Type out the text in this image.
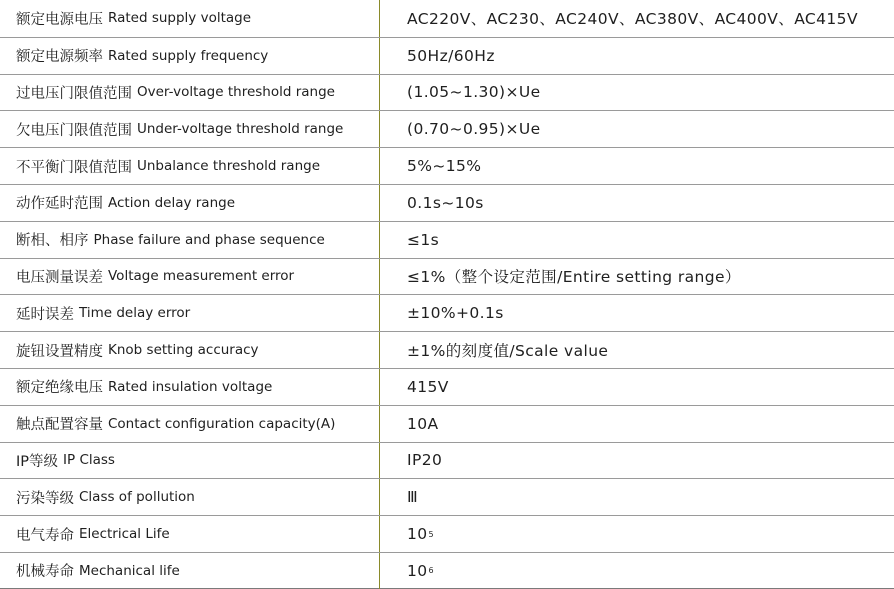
额定电源电压 Rated supply voltage	AC220V、AC230、AC240V、AC380V、AC400V、AC415V
额定电源频率 Rated supply frequency	50Hz/60Hz
过电压门限值范围 Over-voltage threshold range	(1.05~1.30)×Ue
欠电压门限值范围 Under-voltage threshold range	(0.70~0.95)×Ue
不平衡门限值范围 Unbalance threshold range	5%~15%
动作延时范围 Action delay range	0.1s~10s
断相、相序 Phase failure and phase sequence	≤1s
电压测量误差 Voltage measurement error	≤1%（整个设定范围/Entire setting range）
延时误差 Time delay error	±10%+0.1s
旋钮设置精度 Knob setting accuracy	±1%的刻度值/Scale value
额定绝缘电压 Rated insulation voltage	415V
触点配置容量 Contact configuration capacity(A)	10A
IP等级 IP Class	IP20
污染等级 Class of pollution	Ⅲ
电气寿命 Electrical Life	10 5
机械寿命 Mechanical life	10 6
